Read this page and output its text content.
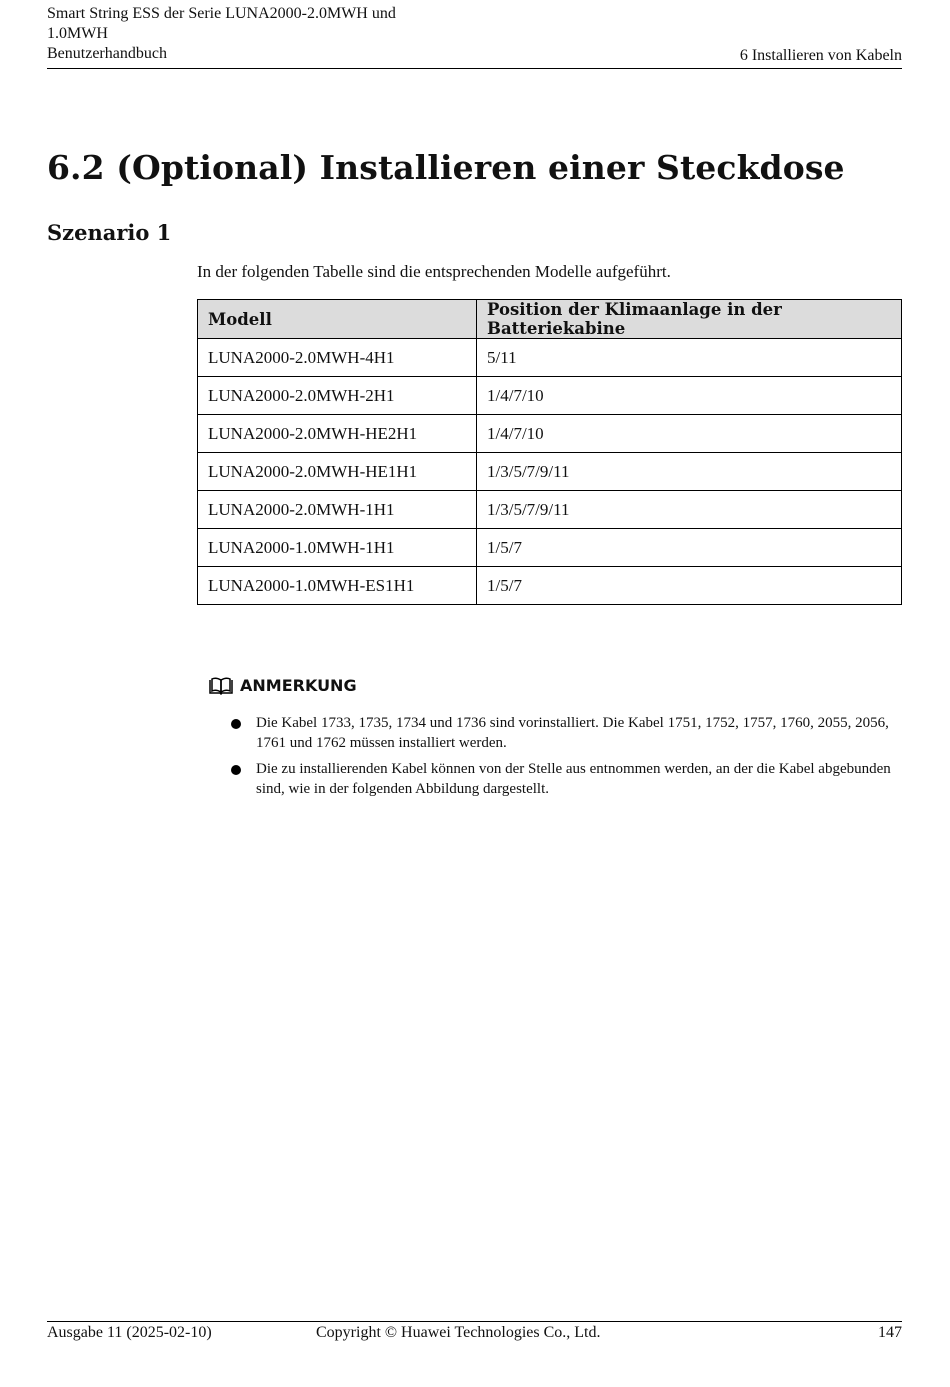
Smart String ESS der Serie LUNA2000-2.0MWH und
1.0MWH
Benutzerhandbuch	6 Installieren von Kabeln
6.2 (Optional) Installieren einer Steckdose
Szenario 1

In der folgenden Tabelle sind die entsprechenden Modelle aufgeführt.

Modell	Position der Klimaanlage in der Batteriekabine
LUNA2000-2.0MWH-4H1	5/11
LUNA2000-2.0MWH-2H1	1/4/7/10
LUNA2000-2.0MWH-HE2H1	1/4/7/10
LUNA2000-2.0MWH-HE1H1	1/3/5/7/9/11
LUNA2000-2.0MWH-1H1	1/3/5/7/9/11
LUNA2000-1.0MWH-1H1	1/5/7
LUNA2000-1.0MWH-ES1H1	1/5/7
ANMERKUNG
Die Kabel 1733, 1735, 1734 und 1736 sind vorinstalliert. Die Kabel 1751, 1752, 1757, 1760, 2055, 2056, 1761 und 1762 müssen installiert werden.
Die zu installierenden Kabel können von der Stelle aus entnommen werden, an der die Kabel abgebunden sind, wie in der folgenden Abbildung dargestellt.
Ausgabe 11 (2025-02-10)	Copyright © Huawei Technologies Co., Ltd.	147
